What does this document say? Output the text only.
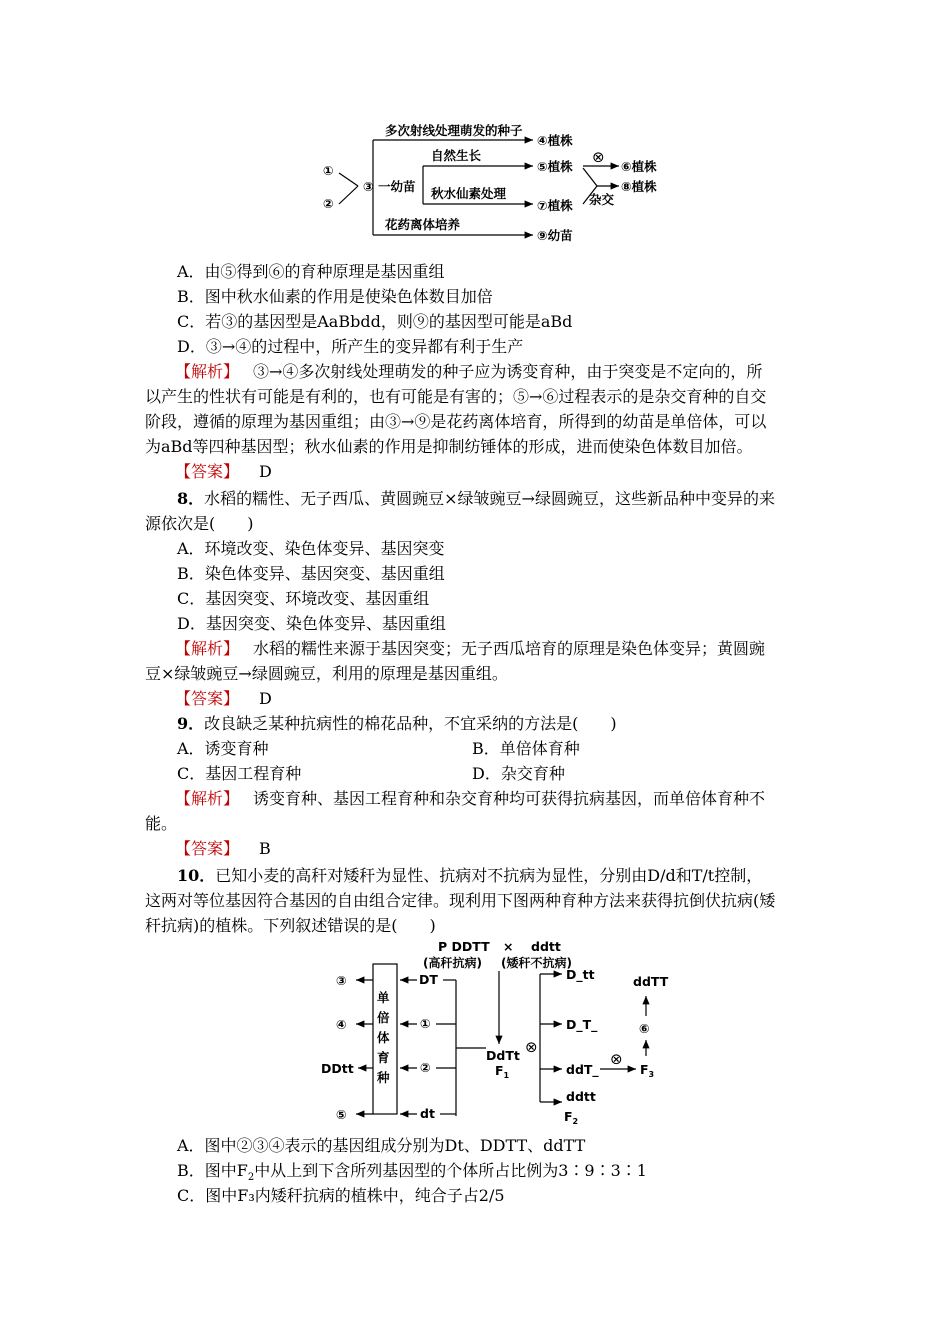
①
②
③ 一幼苗
多次射线处理萌发的种子
④植株
花药离体培养
⑨幼苗
自然生长
⑤植株
秋水仙素处理
⑦植株
⊗
⑥植株
杂交
⑧植株
A．由⑤得到⑥的育种原理是基因重组
B．图中秋水仙素的作用是使染色体数目加倍
C．若③的基因型是AaBbdd，则⑨的基因型可能是aBd
D．③→④的过程中，所产生的变异都有利于生产
【解析】 ③→④多次射线处理萌发的种子应为诱变育种，由于突变是不定向的，所
以产生的性状有可能是有利的，也有可能是有害的；⑤→⑥过程表示的是杂交育种的自交
阶段，遵循的原理为基因重组；由③→⑨是花药离体培育，所得到的幼苗是单倍体，可以
为aBd等四种基因型；秋水仙素的作用是抑制纺锤体的形成，进而使染色体数目加倍。
【答案】 D
8．水稻的糯性、无子西瓜、黄圆豌豆×绿皱豌豆→绿圆豌豆，这些新品种中变异的来
源依次是(　　)
A．环境改变、染色体变异、基因突变
B．染色体变异、基因突变、基因重组
C．基因突变、环境改变、基因重组
D．基因突变、染色体变异、基因重组
【解析】 水稻的糯性来源于基因突变；无子西瓜培育的原理是染色体变异；黄圆豌
豆×绿皱豌豆→绿圆豌豆，利用的原理是基因重组。
【答案】 D
9．改良缺乏某种抗病性的棉花品种，不宜采纳的方法是(　　)
A．诱变育种	B．单倍体育种
C．基因工程育种	D．杂交育种
【解析】 诱变育种、基因工程育种和杂交育种均可获得抗病基因，而单倍体育种不
能。
【答案】 B
10．已知小麦的高秆对矮秆为显性、抗病对不抗病为显性，分别由D/d和T/t控制，
这两对等位基因符合基因的自由组合定律。现利用下图两种育种方法来获得抗倒伏抗病(矮
秆抗病)的植株。下列叙述错误的是(　　)
P DDTT × ddtt
(高秆抗病) (矮秆不抗病)
DdTt
$F_1$
单
倍
体
育
种
DT
①
②
dt
③
④
DDtt
⑤
⊗
D_tt
D_T_
ddT_
ddtt
$F_2$
⊗
$F_3$
⑥
ddTT
A．图中②③④表示的基因组成分别为Dt、DDTT、ddTT
B．图中$F_2$中从上到下含所列基因型的个体所占比例为3∶9∶3∶1
C．图中F₃内矮秆抗病的植株中，纯合子占2/5
